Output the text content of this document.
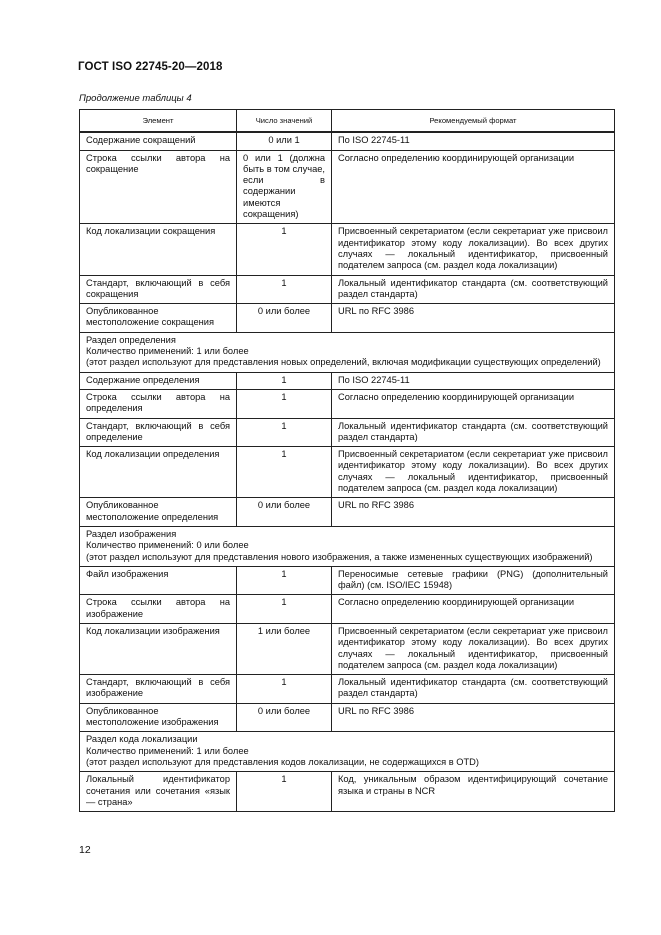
ГОСТ ISO 22745-20—2018
Продолжение таблицы 4
Элемент	Число значений	Рекомендуемый формат
Содержание сокращений	0 или 1	По ISO 22745-11
Строка ссылки автора на сокращение	0 или 1 (должна быть в том случае, если в содержании имеются сокращения)	Согласно определению координирующей организации
Код локализации сокращения	1	Присвоенный секретариатом (если секретариат уже присвоил идентификатор этому коду локализации). Во всех других случаях — локальный идентификатор, присвоенный подателем запроса (см. раздел кода локализации)
Стандарт, включающий в себя сокращения	1	Локальный идентификатор стандарта (см. соответствующий раздел стандарта)
Опубликованное местоположение сокращения	0 или более	URL по RFC 3986

Раздел определения
Количество применений: 1 или более
(этот раздел используют для представления новых определений, включая модификации существующих определений)		

Содержание определения	1	По ISO 22745-11
Строка ссылки автора на определения	1	Согласно определению координирующей организации
Стандарт, включающий в себя определение	1	Локальный идентификатор стандарта (см. соответствующий раздел стандарта)
Код локализации определения	1	Присвоенный секретариатом (если секретариат уже присвоил идентификатор этому коду локализации). Во всех других случаях — локальный идентификатор, присвоенный подателем запроса (см. раздел кода локализации)
Опубликованное местоположение определения	0 или более	URL по RFC 3986

Раздел изображения
Количество применений: 0 или более
(этот раздел используют для представления нового изображения, а также измененных существующих изображений)		

Файл изображения	1	Переносимые сетевые графики (PNG) (дополнительный файл) (см. ISO/IEC 15948)
Строка ссылки автора на изображение	1	Согласно определению координирующей организации
Код локализации изображения	1 или более	Присвоенный секретариатом (если секретариат уже присвоил идентификатор этому коду локализации). Во всех других случаях — локальный идентификатор, присвоенный подателем запроса (см. раздел кода локализации)
Стандарт, включающий в себя изображение	1	Локальный идентификатор стандарта (см. соответствующий раздел стандарта)
Опубликованное местоположение изображения	0 или более	URL по RFC 3986

Раздел кода локализации
Количество применений: 1 или более
(этот раздел используют для представления кодов локализации, не содержащихся в OTD)		

Локальный идентификатор сочетания или сочетания «язык — страна»	1	Код, уникальным образом идентифицирующий сочетание языка и страны в NCR
12
